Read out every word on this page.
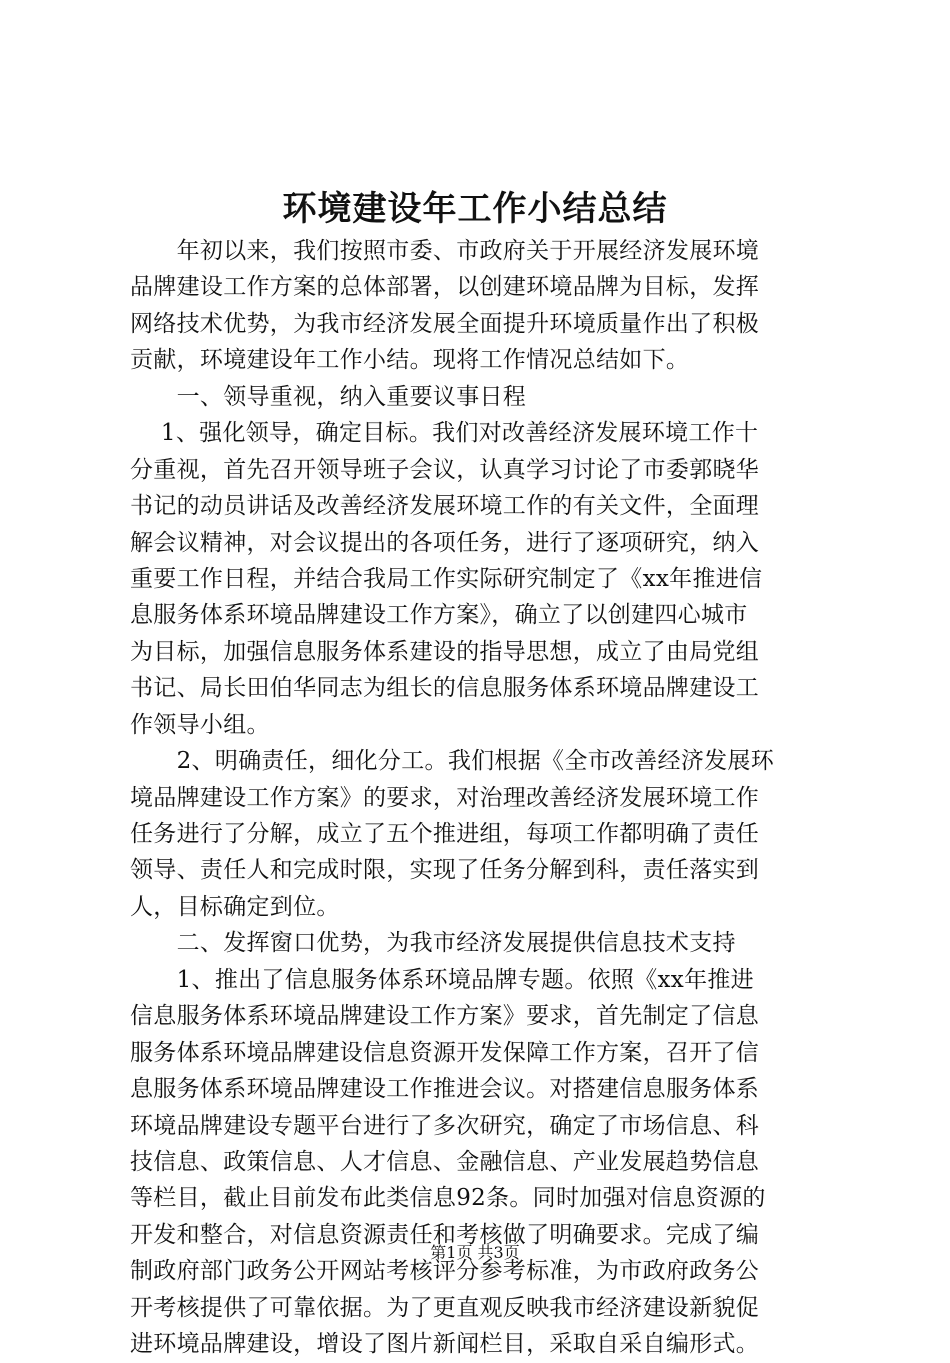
环境建设年工作小结总结
　　年初以来，我们按照市委、市政府关于开展经济发展环境
品牌建设工作方案的总体部署，以创建环境品牌为目标，发挥
网络技术优势，为我市经济发展全面提升环境质量作出了积极
贡献，环境建设年工作小结。现将工作情况总结如下。
　　一、领导重视，纳入重要议事日程
　 1、强化领导，确定目标。我们对改善经济发展环境工作十
分重视，首先召开领导班子会议，认真学习讨论了市委郭晓华
书记的动员讲话及改善经济发展环境工作的有关文件，全面理
解会议精神，对会议提出的各项任务，进行了逐项研究，纳入
重要工作日程，并结合我局工作实际研究制定了《xx年推进信
息服务体系环境品牌建设工作方案》，确立了以创建四心城市
为目标，加强信息服务体系建设的指导思想，成立了由局党组
书记、局长田伯华同志为组长的信息服务体系环境品牌建设工
作领导小组。
　　2、明确责任，细化分工。我们根据《全市改善经济发展环
境品牌建设工作方案》的要求，对治理改善经济发展环境工作
任务进行了分解，成立了五个推进组，每项工作都明确了责任
领导、责任人和完成时限，实现了任务分解到科，责任落实到
人，目标确定到位。
　　二、发挥窗口优势，为我市经济发展提供信息技术支持
　　1、推出了信息服务体系环境品牌专题。依照《xx年推进
信息服务体系环境品牌建设工作方案》要求，首先制定了信息
服务体系环境品牌建设信息资源开发保障工作方案，召开了信
息服务体系环境品牌建设工作推进会议。对搭建信息服务体系
环境品牌建设专题平台进行了多次研究，确定了市场信息、科
技信息、政策信息、人才信息、金融信息、产业发展趋势信息
等栏目，截止目前发布此类信息92条。同时加强对信息资源的
开发和整合，对信息资源责任和考核做了明确要求。完成了编
制政府部门政务公开网站考核评分参考标准，为市政府政务公
开考核提供了可靠依据。为了更直观反映我市经济建设新貌促
进环境品牌建设，增设了图片新闻栏目，采取自采自编形式。
第1页 共3页
